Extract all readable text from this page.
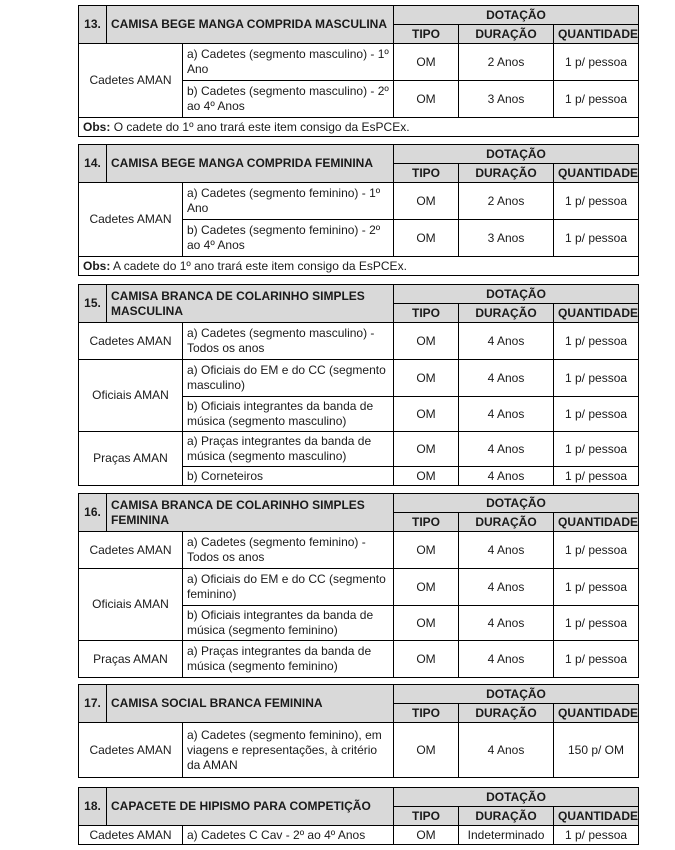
13.	CAMISA BEGE MANGA COMPRIDA MASCULINA		DOTAÇÃO		
			TIPO	DURAÇÃO	QUANTIDADE
Cadetes AMAN		a) Cadetes (segmento masculino) - 1º Ano	OM	2 Anos	1 p/ pessoa
		b) Cadetes (segmento masculino) - 2º ao 4º Anos	OM	3 Anos	1 p/ pessoa
Obs: O cadete do 1º ano trará este item consigo da EsPCEx.					
14.	CAMISA BEGE MANGA COMPRIDA FEMININA		DOTAÇÃO		
			TIPO	DURAÇÃO	QUANTIDADE
Cadetes AMAN		a) Cadetes (segmento feminino) - 1º Ano	OM	2 Anos	1 p/ pessoa
		b) Cadetes (segmento feminino) - 2º ao 4º Anos	OM	3 Anos	1 p/ pessoa
Obs: A cadete do 1º ano trará este item consigo da EsPCEx.					
15.	CAMISA BRANCA DE COLARINHO SIMPLES MASCULINA		DOTAÇÃO		
			TIPO	DURAÇÃO	QUANTIDADE
Cadetes AMAN		a) Cadetes (segmento masculino) - Todos os anos	OM	4 Anos	1 p/ pessoa
Oficiais AMAN		a) Oficiais do EM e do CC (segmento masculino)	OM	4 Anos	1 p/ pessoa
		b) Oficiais integrantes da banda de música (segmento masculino)	OM	4 Anos	1 p/ pessoa
Praças AMAN		a) Praças integrantes da banda de música (segmento masculino)	OM	4 Anos	1 p/ pessoa
		b) Corneteiros	OM	4 Anos	1 p/ pessoa
16.	CAMISA BRANCA DE COLARINHO SIMPLES FEMININA		DOTAÇÃO		
			TIPO	DURAÇÃO	QUANTIDADE
Cadetes AMAN		a) Cadetes (segmento feminino) - Todos os anos	OM	4 Anos	1 p/ pessoa
Oficiais AMAN		a) Oficiais do EM e do CC (segmento feminino)	OM	4 Anos	1 p/ pessoa
		b) Oficiais integrantes da banda de música (segmento feminino)	OM	4 Anos	1 p/ pessoa
Praças AMAN		a) Praças integrantes da banda de música (segmento feminino)	OM	4 Anos	1 p/ pessoa
17.	CAMISA SOCIAL BRANCA FEMININA		DOTAÇÃO		
			TIPO	DURAÇÃO	QUANTIDADE
Cadetes AMAN		a) Cadetes (segmento feminino), em viagens e representações, à critério da AMAN	OM	4 Anos	150 p/ OM
18.	CAPACETE DE HIPISMO PARA COMPETIÇÃO		DOTAÇÃO		
			TIPO	DURAÇÃO	QUANTIDADE
Cadetes AMAN		a) Cadetes C Cav - 2º ao 4º Anos	OM	Indeterminado	1 p/ pessoa
